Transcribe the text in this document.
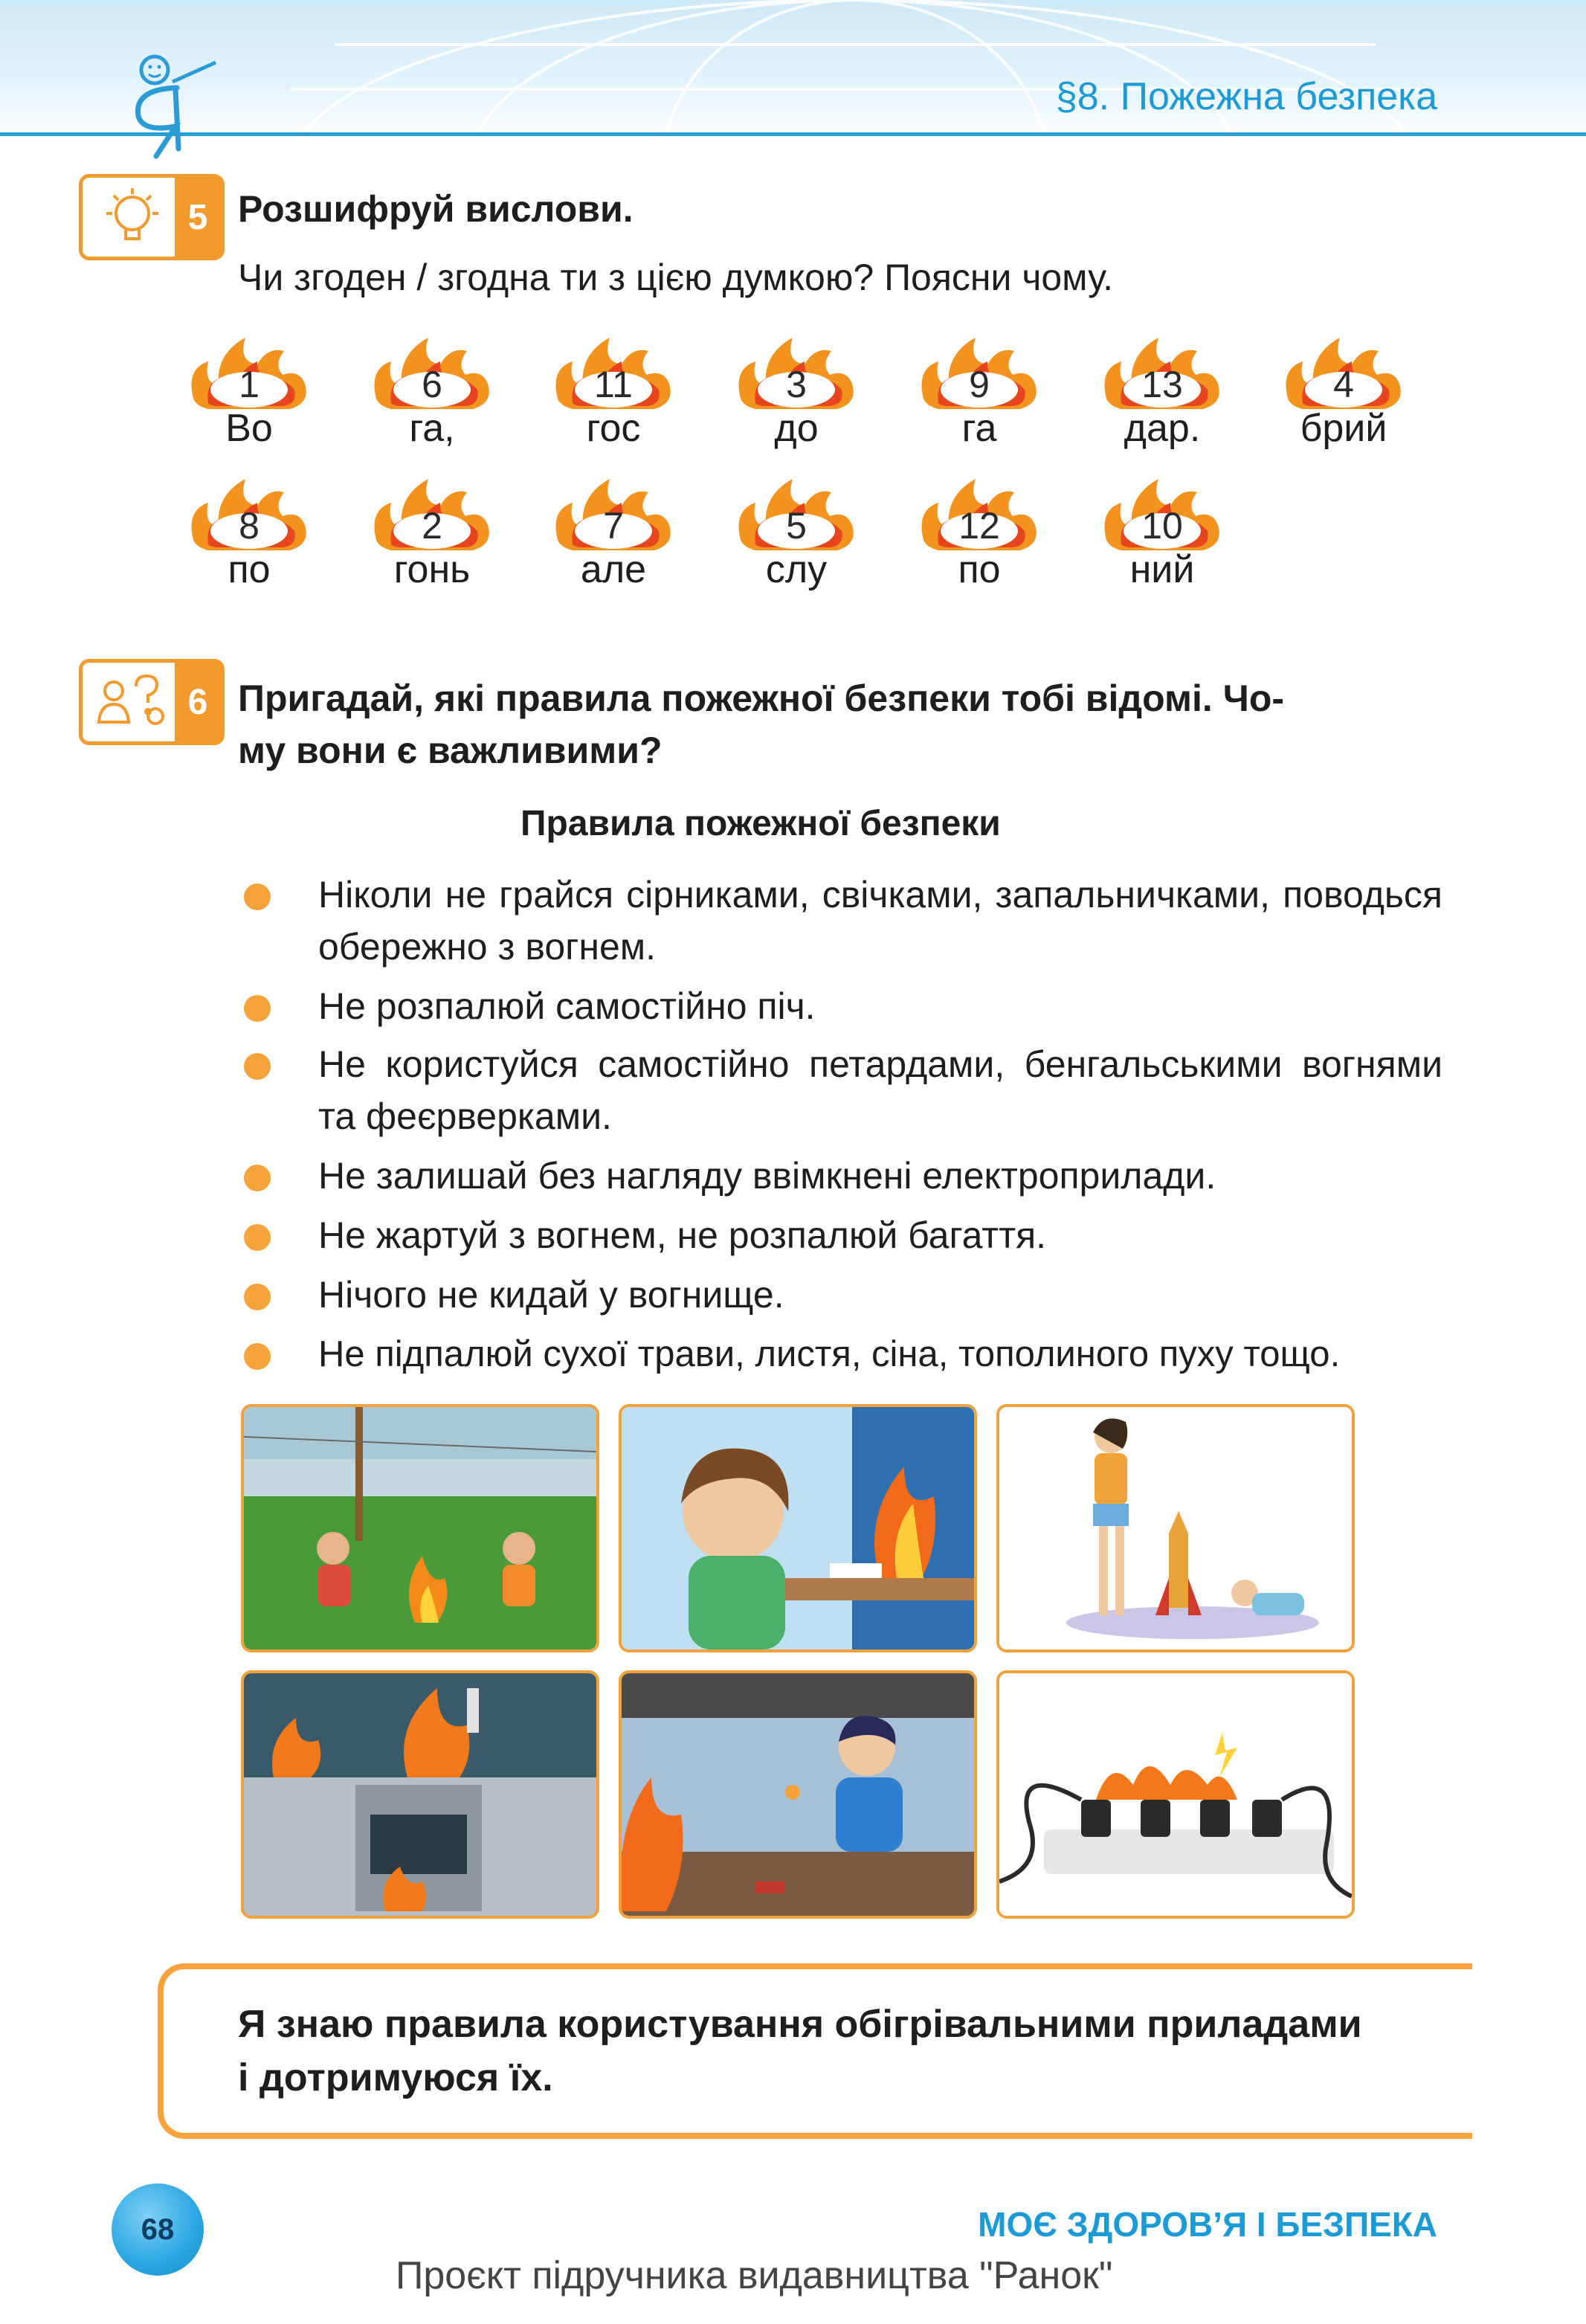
§8. Пожежна безпека
5 Розшифруй вислови.
Чи згоден / згодна ти з цією думкою? Поясни чому.
1
Во
6
га,
11
гос
3
до
9
га
13
дар.
4
брий
8
по
2
гонь
7
але
5
слу
12
по
10
ний
6 Пригадай, які правила пожежної безпеки тобі відомі. Чо-
му вони є важливими?
Правила пожежної безпеки
Ніколи не грайся сірниками, свічками, запальничками, поводься обережно з вогнем.
Не розпалюй самостійно піч.
Не користуйся самостійно петардами, бенгальськими вогнями та феєрверками.
Не залишай без нагляду ввімкнені електроприлади.
Не жартуй з вогнем, не розпалюй багаття.
Нічого не кидай у вогнище.
Не підпалюй сухої трави, листя, сіна, тополиного пуху тощо.
Я знаю правила користування обігрівальними приладами
і дотримуюся їх.
68	МОЄ ЗДОРОВ’Я І БЕЗПЕКА
Проєкт підручника видавництва "Ранок"
